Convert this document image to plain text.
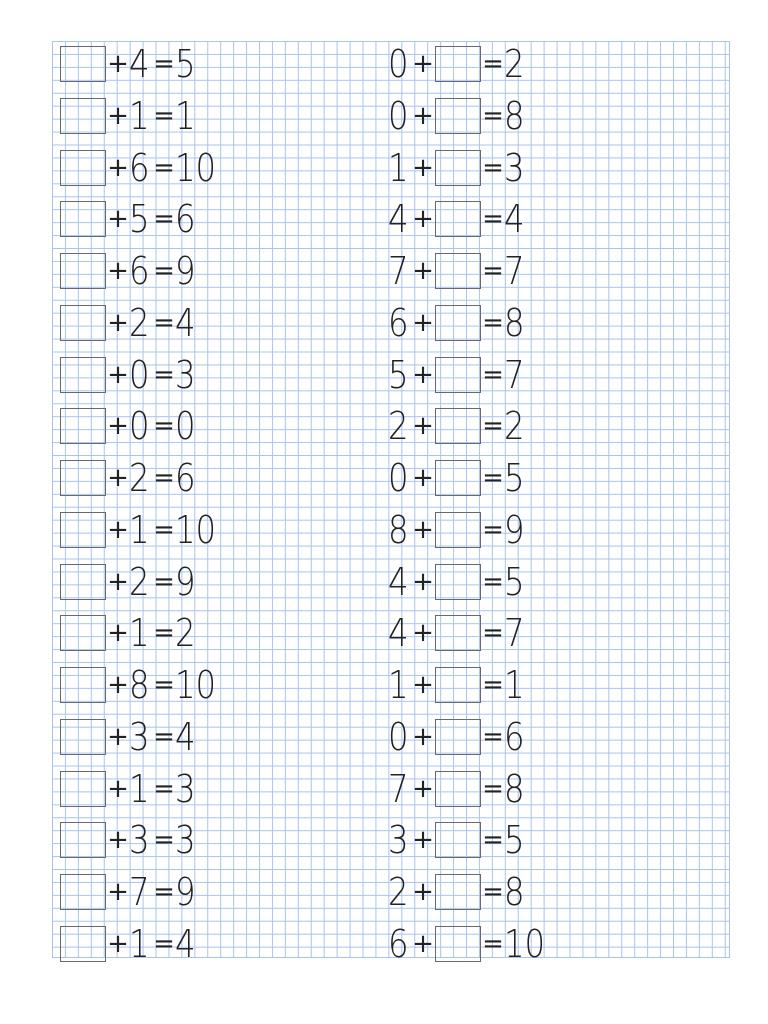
+ 4 = 5
+ 1 = 1
+ 6 = 10
+ 5 = 6
+ 6 = 9
+ 2 = 4
+ 0 = 3
+ 0 = 0
+ 2 = 6
+ 1 = 10
+ 2 = 9
+ 1 = 2
+ 8 = 10
+ 3 = 4
+ 1 = 3
+ 3 = 3
+ 7 = 9
+ 1 = 4
0 + = 2
0 + = 8
1 + = 3
4 + = 4
7 + = 7
6 + = 8
5 + = 7
2 + = 2
0 + = 5
8 + = 9
4 + = 5
4 + = 7
1 + = 1
0 + = 6
7 + = 8
3 + = 5
2 + = 8
6 + = 10
